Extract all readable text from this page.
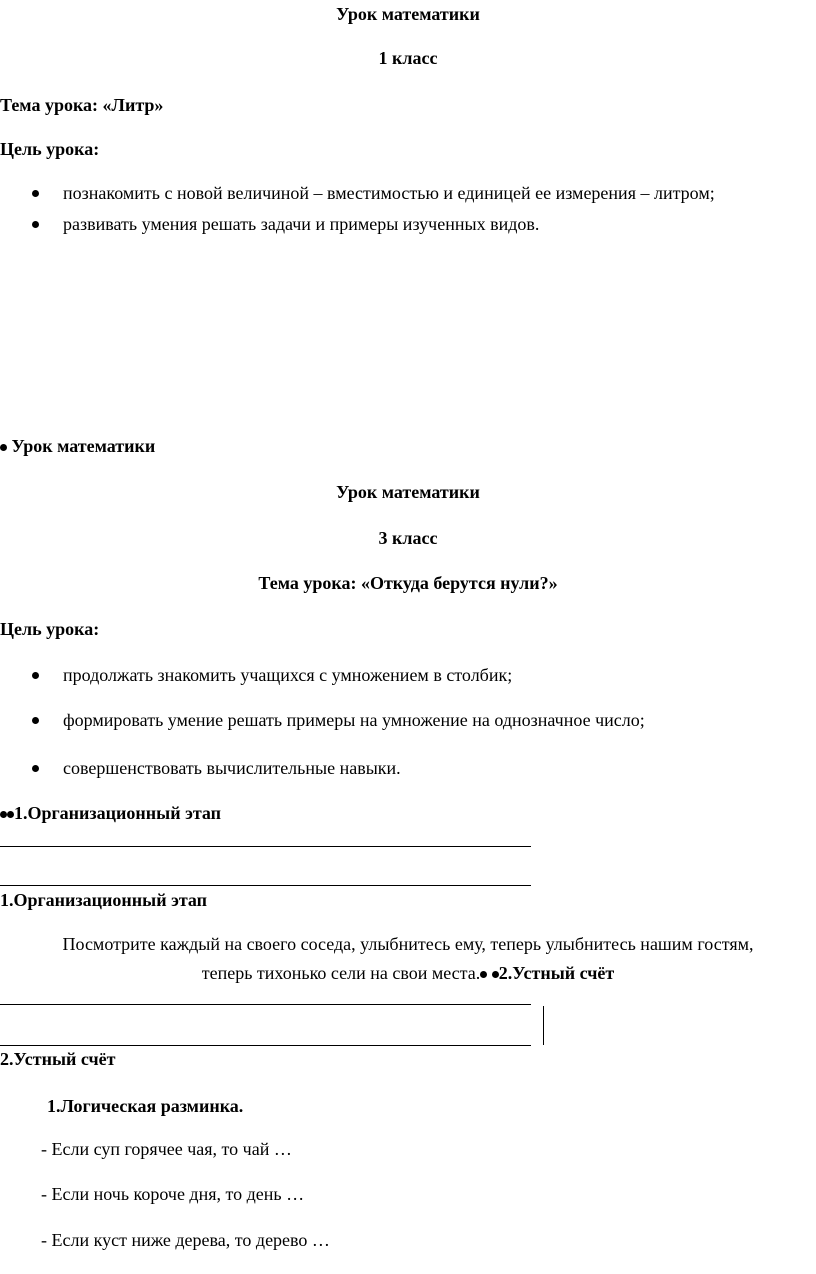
Урок математики
1 класс
Тема урока: «Литр»
Цель урока:
познакомить с новой величиной – вместимостью и единицей ее измерения – литром;
развивать умения решать задачи и примеры изученных видов.
Урок математики
Урок математики
3 класс
Тема урока: «Откуда берутся нули?»
Цель урока:
продолжать знакомить учащихся с умножением в столбик;
формировать умение решать примеры на умножение на однозначное число;
совершенствовать вычислительные навыки.
1.Организационный этап
1.Организационный этап
Посмотрите каждый на своего соседа, улыбнитесь ему, теперь улыбнитесь нашим гостям,
теперь тихонько сели на свои места. 2.Устный счёт
2.Устный счёт
1.Логическая разминка.
- Если суп горячее чая, то чай …
- Если ночь короче дня, то день …
- Если куст ниже дерева, то дерево …
